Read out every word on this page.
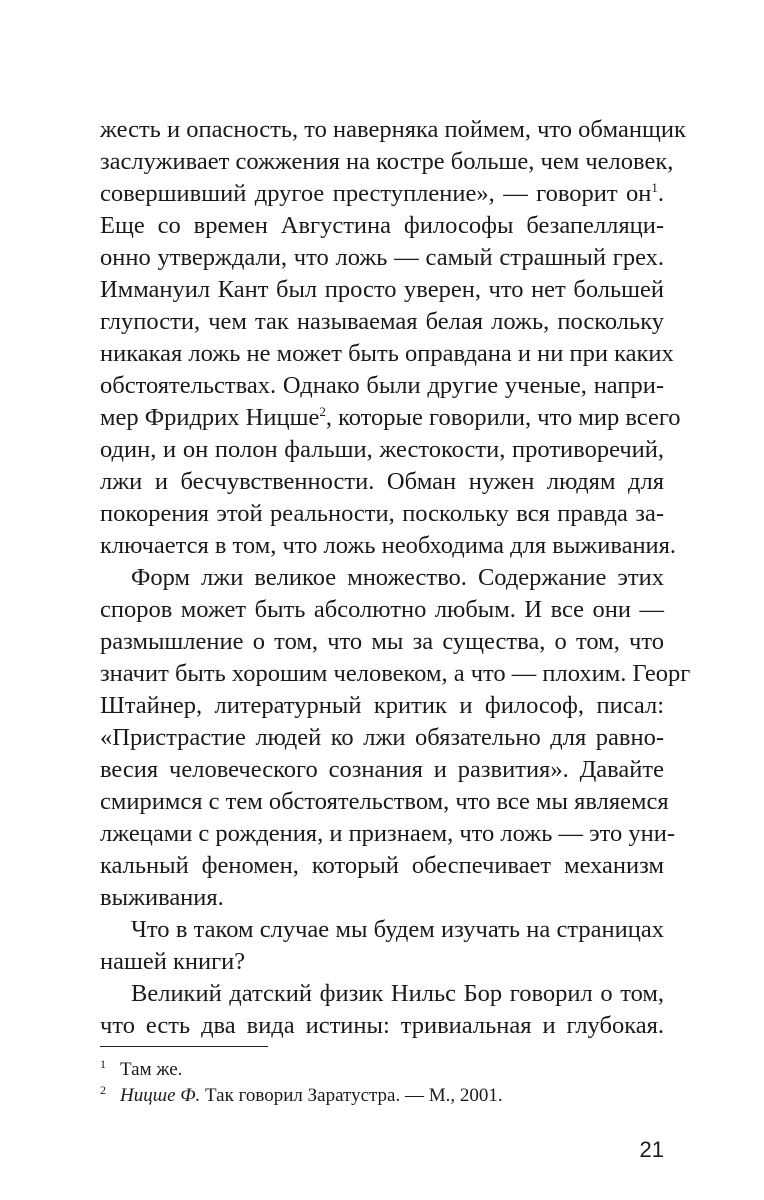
жесть и опасность, то наверняка поймем, что обманщик
заслуживает сожжения на костре больше, чем человек,
совершивший другое преступление», — говорит $он^1$.
Еще со времен Августина философы безапелляци-
онно утверждали, что ложь — самый страшный грех.
Иммануил Кант был просто уверен, что нет большей
глупости, чем так называемая белая ложь, поскольку
никакая ложь не может быть оправдана и ни при каких
обстоятельствах. Однако были другие ученые, напри-
мер Фридрих Ницше$^2$, которые говорили, что мир всего
один, и он полон фальши, жестокости, противоречий,
лжи и бесчувственности. Обман нужен людям для
покорения этой реальности, поскольку вся правда за-
ключается в том, что ложь необходима для выживания.
Форм лжи великое множество. Содержание этих
споров может быть абсолютно любым. И все они —
размышление о том, что мы за существа, о том, что
значит быть хорошим человеком, а что — плохим. Георг
Штайнер, литературный критик и философ, писал:
«Пристрастие людей ко лжи обязательно для равно-
весия человеческого сознания и развития». Давайте
смиримся с тем обстоятельством, что все мы являемся
лжецами с рождения, и признаем, что ложь — это уни-
кальный феномен, который обеспечивает механизм
выживания.
Что в таком случае мы будем изучать на страницах
нашей книги?
Великий датский физик Нильс Бор говорил о том,
что есть два вида истины: тривиальная и глубокая.
1 Там же.
2 Ницше Ф. Так говорил Заратустра. — М., 2001.
21
